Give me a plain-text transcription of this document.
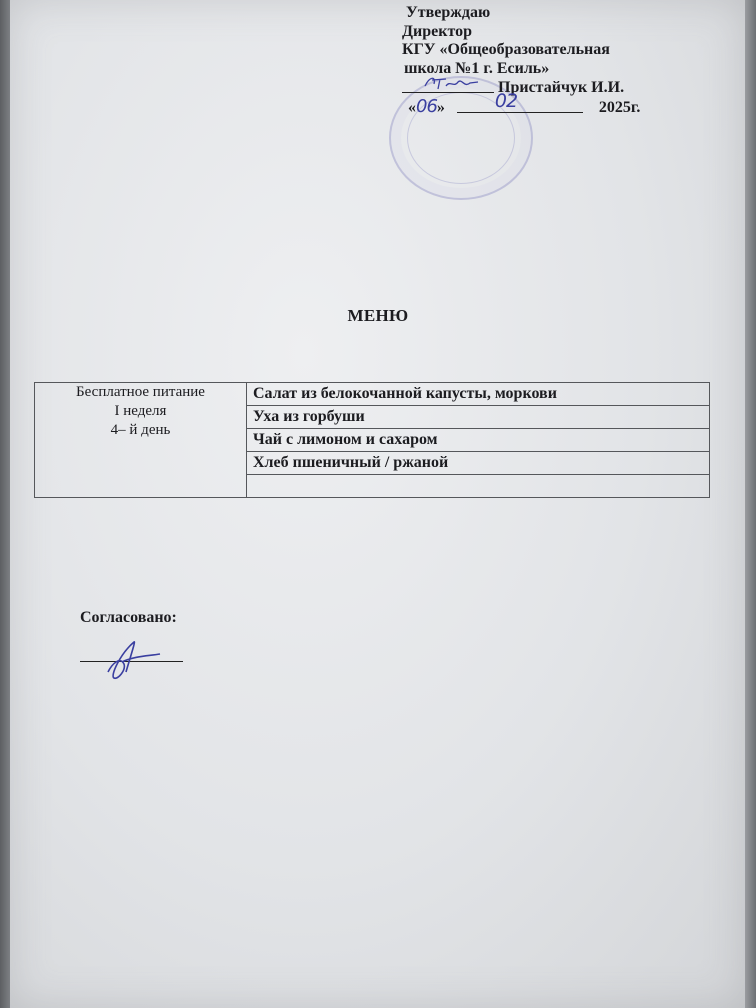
Утверждаю
Директор
КГУ «Общеобразовательная
школа №1 г. Есиль»
Пристайчук И.И.
«06»	02	2025г.
МЕНЮ
Бесплатное питание
I неделя
4– й день
	Салат из белокочанной капусты, моркови
Уха из горбуши
Чай с лимоном и сахаром
Хлеб пшеничный / ржаной

Согласовано:
